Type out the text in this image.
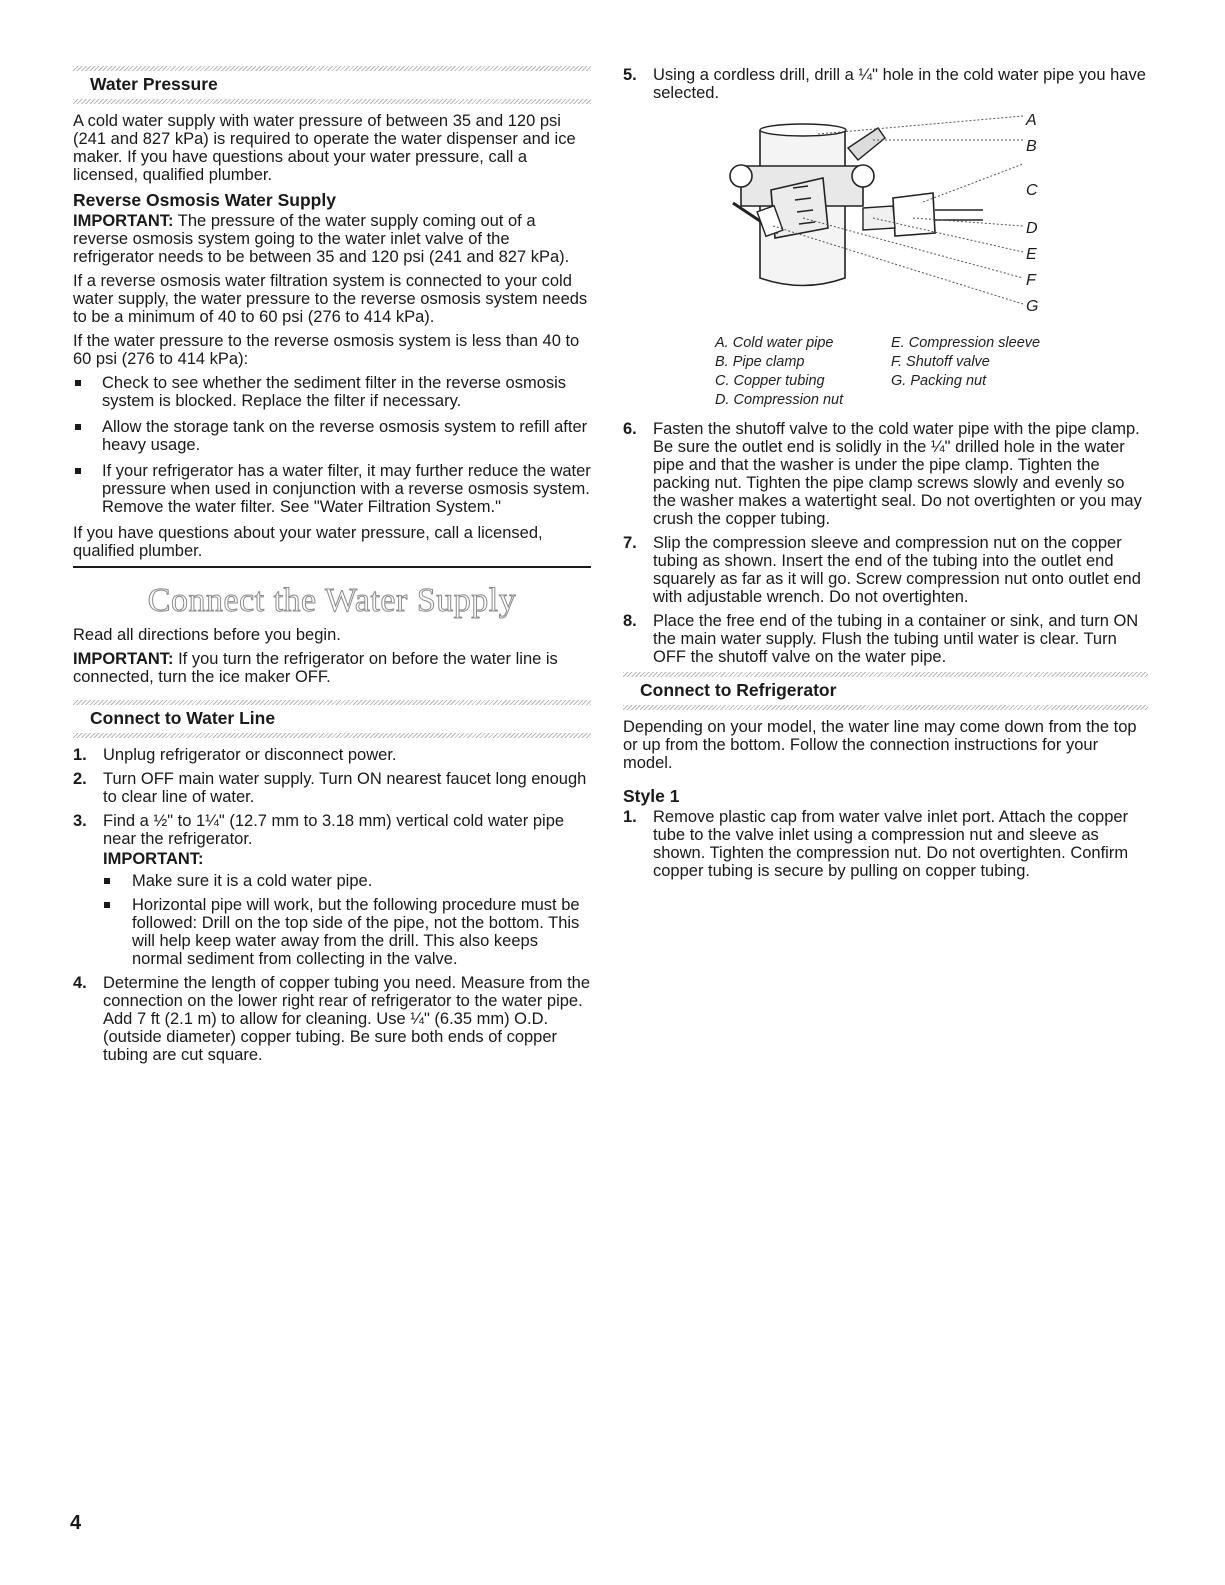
Water Pressure

A cold water supply with water pressure of between 35 and 120 psi (241 and 827 kPa) is required to operate the water dispenser and ice maker. If you have questions about your water pressure, call a licensed, qualified plumber.

Reverse Osmosis Water Supply

IMPORTANT: The pressure of the water supply coming out of a reverse osmosis system going to the water inlet valve of the refrigerator needs to be between 35 and 120 psi (241 and 827 kPa).

If a reverse osmosis water filtration system is connected to your cold water supply, the water pressure to the reverse osmosis system needs to be a minimum of 40 to 60 psi (276 to 414 kPa).

If the water pressure to the reverse osmosis system is less than 40 to 60 psi (276 to 414 kPa):

Check to see whether the sediment filter in the reverse osmosis system is blocked. Replace the filter if necessary.
Allow the storage tank on the reverse osmosis system to refill after heavy usage.
If your refrigerator has a water filter, it may further reduce the water pressure when used in conjunction with a reverse osmosis system. Remove the water filter. See "Water Filtration System."

If you have questions about your water pressure, call a licensed, qualified plumber.

Connect the Water Supply

Read all directions before you begin.

IMPORTANT: If you turn the refrigerator on before the water line is connected, turn the ice maker OFF.

Connect to Water Line
1. Unplug refrigerator or disconnect power.
2. Turn OFF main water supply. Turn ON nearest faucet long enough to clear line of water.
3. Find a ½" to 1¼" (12.7 mm to 3.18 mm) vertical cold water pipe near the refrigerator.
IMPORTANT:
Make sure it is a cold water pipe.
Horizontal pipe will work, but the following procedure must be followed: Drill on the top side of the pipe, not the bottom. This will help keep water away from the drill. This also keeps normal sediment from collecting in the valve.
4. Determine the length of copper tubing you need. Measure from the connection on the lower right rear of refrigerator to the water pipe. Add 7 ft (2.1 m) to allow for cleaning. Use ¼" (6.35 mm) O.D. (outside diameter) copper tubing. Be sure both ends of copper tubing are cut square.
5. Using a cordless drill, drill a ¼" hole in the cold water pipe you have selected.
A
B
C
D
E
F
G
A. Cold water pipe	E. Compression sleeve
B. Pipe clamp	F. Shutoff valve
C. Copper tubing	G. Packing nut
D. Compression nut
6. Fasten the shutoff valve to the cold water pipe with the pipe clamp. Be sure the outlet end is solidly in the ¼" drilled hole in the water pipe and that the washer is under the pipe clamp. Tighten the packing nut. Tighten the pipe clamp screws slowly and evenly so the washer makes a watertight seal. Do not overtighten or you may crush the copper tubing.
7. Slip the compression sleeve and compression nut on the copper tubing as shown. Insert the end of the tubing into the outlet end squarely as far as it will go. Screw compression nut onto outlet end with adjustable wrench. Do not overtighten.
8. Place the free end of the tubing in a container or sink, and turn ON the main water supply. Flush the tubing until water is clear. Turn OFF the shutoff valve on the water pipe.
Connect to Refrigerator

Depending on your model, the water line may come down from the top or up from the bottom. Follow the connection instructions for your model.

Style 1
1. Remove plastic cap from water valve inlet port. Attach the copper tube to the valve inlet using a compression nut and sleeve as shown. Tighten the compression nut. Do not overtighten. Confirm copper tubing is secure by pulling on copper tubing.
4
